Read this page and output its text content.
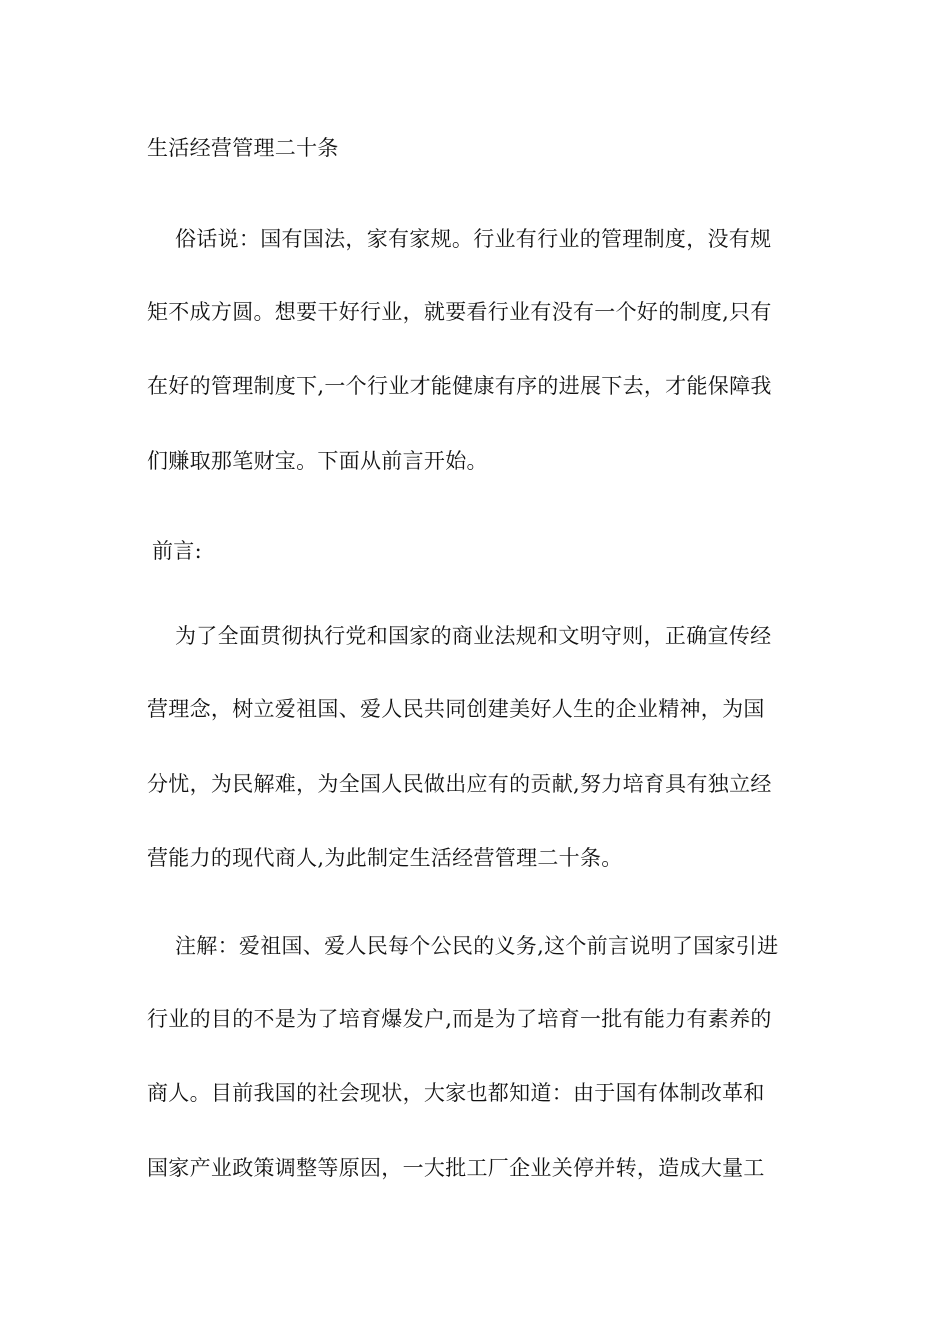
生活经营管理二十条
俗话说：国有国法，家有家规。行业有行业的管理制度，没有规
矩不成方圆。想要干好行业，就要看行业有没有一个好的制度,只有
在好的管理制度下,一个行业才能健康有序的进展下去，才能保障我
们赚取那笔财宝。下面从前言开始。
前言:
为了全面贯彻执行党和国家的商业法规和文明守则，正确宣传经
营理念，树立爱祖国、爱人民共同创建美好人生的企业精神，为国
分忧，为民解难，为全国人民做出应有的贡献,努力培育具有独立经
营能力的现代商人,为此制定生活经营管理二十条。
注解：爱祖国、爱人民每个公民的义务,这个前言说明了国家引进
行业的目的不是为了培育爆发户,而是为了培育一批有能力有素养的
商人。目前我国的社会现状，大家也都知道：由于国有体制改革和
国家产业政策调整等原因，一大批工厂企业关停并转，造成大量工
